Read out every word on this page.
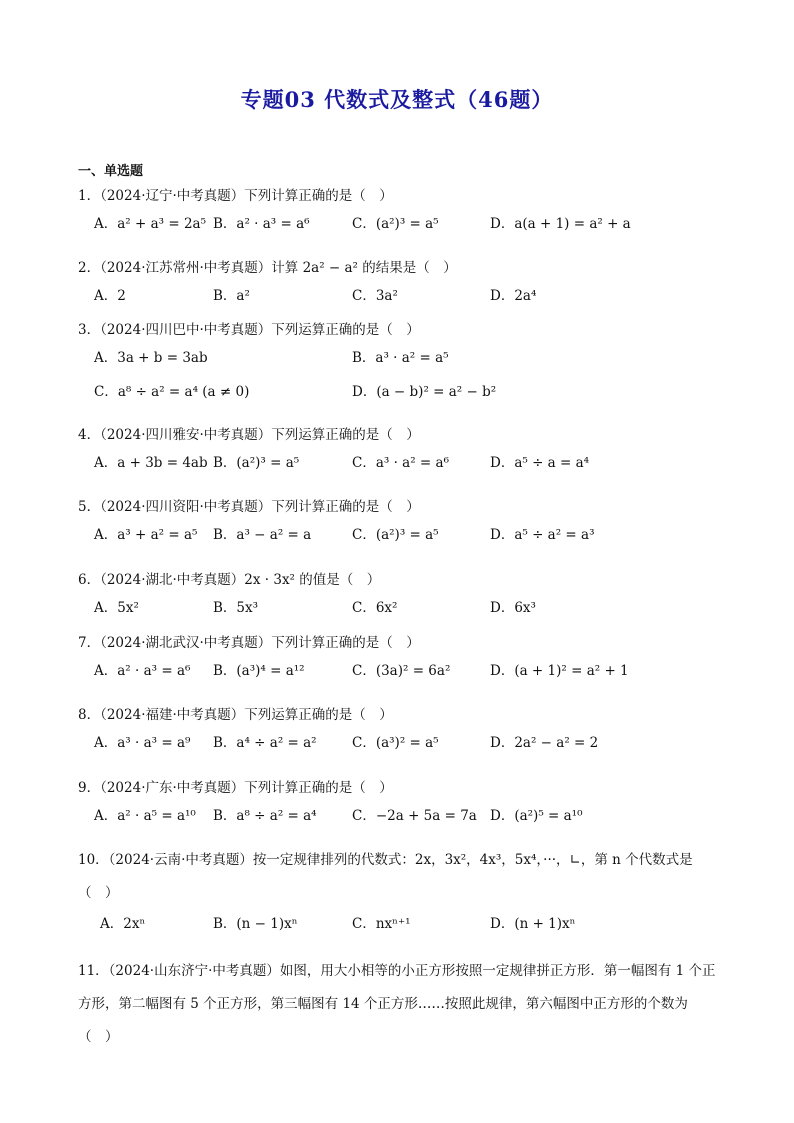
专题03 代数式及整式（46题）
一、单选题
1．（2024·辽宁·中考真题）下列计算正确的是（　）
A．a² + a³ = 2a⁵ B．a² · a³ = a⁶	C．(a²)³ = a⁵	D．a(a + 1) = a² + a
2．（2024·江苏常州·中考真题）计算 2a² − a² 的结果是（　）
A．2	B．a²	C．3a²	D．2a⁴
3．（2024·四川巴中·中考真题）下列运算正确的是（　）
A．3a + b = 3ab	B．a³ · a² = a⁵
C．a⁸ ÷ a² = a⁴ (a ≠ 0)	D．(a − b)² = a² − b²
4．（2024·四川雅安·中考真题）下列运算正确的是（　）
A．a + 3b = 4ab B．(a²)³ = a⁵	C．a³ · a² = a⁶	D．a⁵ ÷ a = a⁴
5．（2024·四川资阳·中考真题）下列计算正确的是（　）
A．a³ + a² = a⁵ B．a³ − a² = a	C．(a²)³ = a⁵	D．a⁵ ÷ a² = a³
6．（2024·湖北·中考真题）2x · 3x² 的值是（　）
A．5x²	B．5x³	C．6x²	D．6x³
7．（2024·湖北武汉·中考真题）下列计算正确的是（　）
A．a² · a³ = a⁶ B．(a³)⁴ = a¹²	C．(3a)² = 6a²	D．(a + 1)² = a² + 1
8．（2024·福建·中考真题）下列运算正确的是（　）
A．a³ · a³ = a⁹ B．a⁴ ÷ a² = a²	C．(a³)² = a⁵	D．2a² − a² = 2
9．（2024·广东·中考真题）下列计算正确的是（　）
A．a² · a⁵ = a¹⁰ B．a⁸ ÷ a² = a⁴	C．−2a + 5a = 7a D．(a²)⁵ = a¹⁰
10．（2024·云南·中考真题）按一定规律排列的代数式：2x，3x²，4x³，5x⁴，···，∟，第 n 个代数式是（　）
A．2xⁿ	B．(n − 1)xⁿ	C．nxⁿ⁺¹	D．(n + 1)xⁿ
11．（2024·山东济宁·中考真题）如图，用大小相等的小正方形按照一定规律拼正方形．第一幅图有 1 个正方形，第二幅图有 5 个正方形，第三幅图有 14 个正方形……按照此规律，第六幅图中正方形的个数为（　）
